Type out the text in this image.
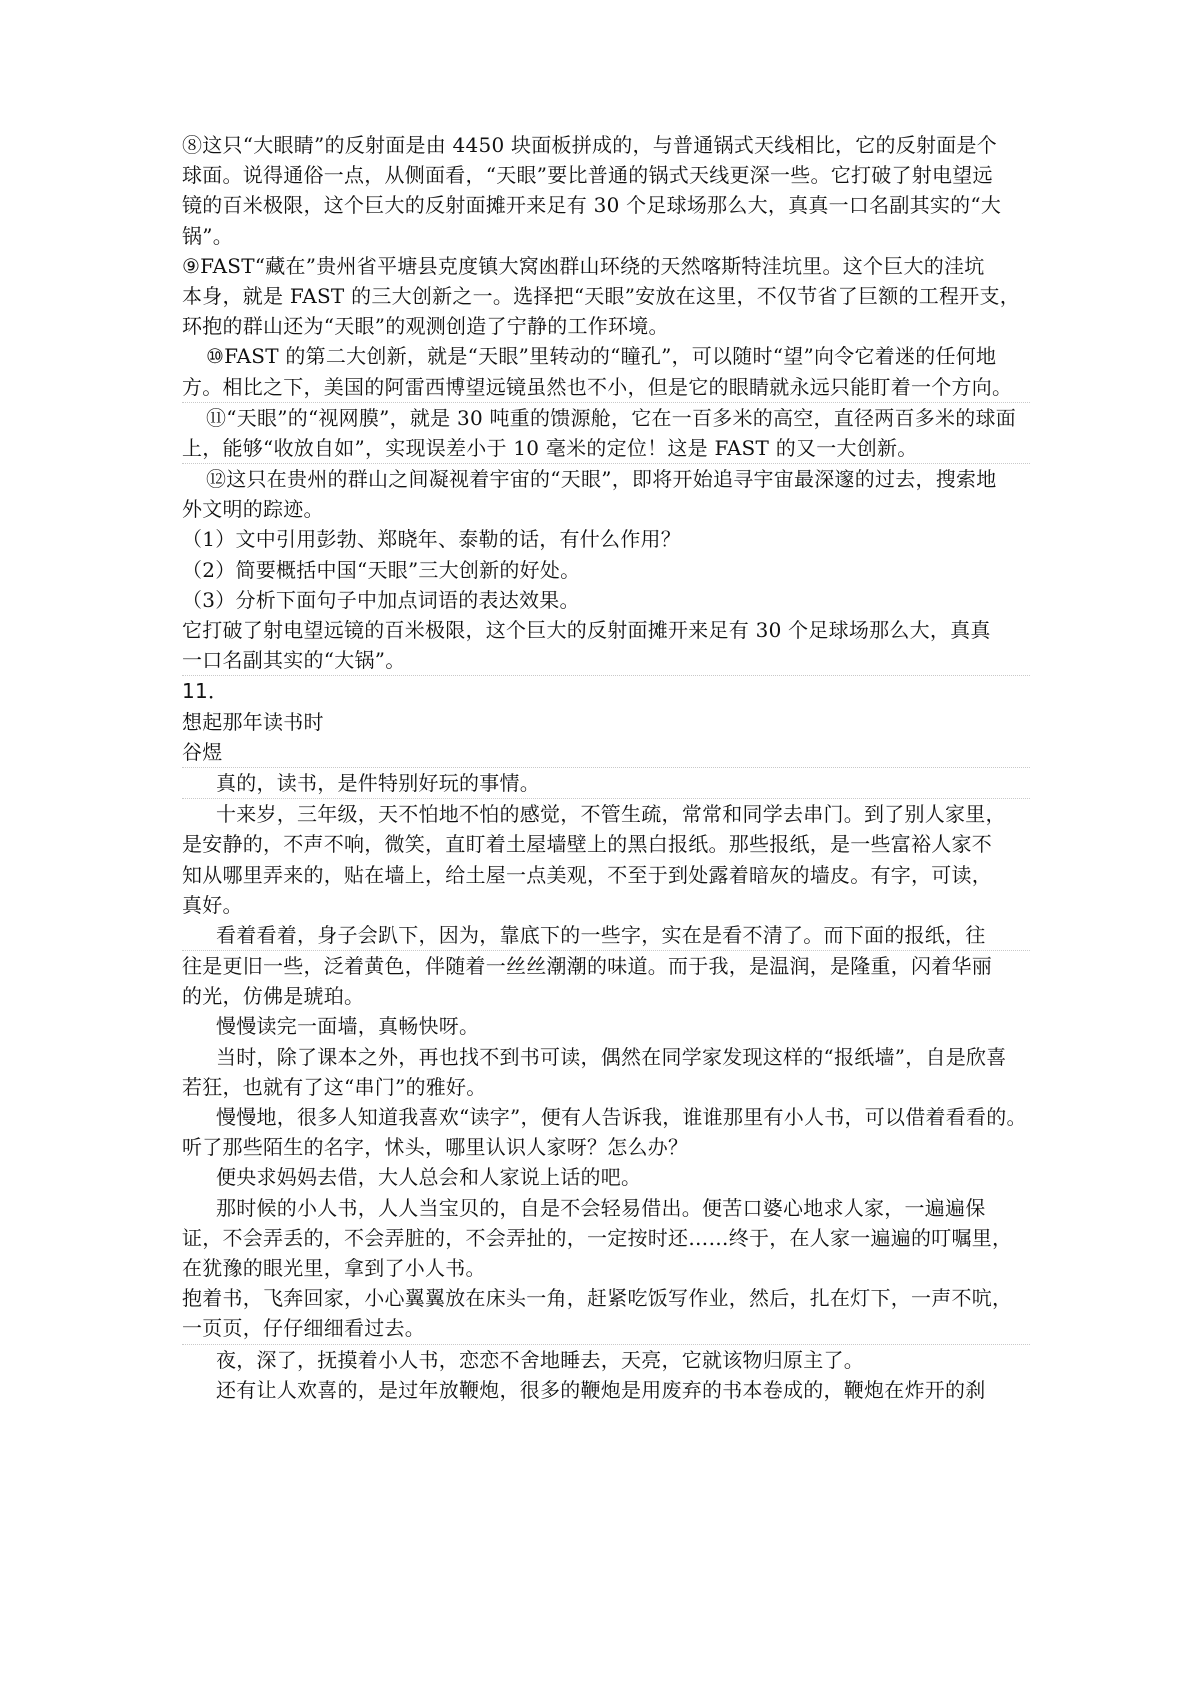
⑧这只“大眼睛”的反射面是由 4450 块面板拼成的，与普通锅式天线相比，它的反射面是个
球面。说得通俗一点，从侧面看，“天眼”要比普通的锅式天线更深一些。它打破了射电望远
镜的百米极限，这个巨大的反射面摊开来足有 30 个足球场那么大，真真一口名副其实的“大
锅”。
⑨FAST“藏在”贵州省平塘县克度镇大窝凼群山环绕的天然喀斯特洼坑里。这个巨大的洼坑
本身，就是 FAST 的三大创新之一。选择把“天眼”安放在这里，不仅节省了巨额的工程开支，
环抱的群山还为“天眼”的观测创造了宁静的工作环境。
⑩FAST 的第二大创新，就是“天眼”里转动的“瞳孔”，可以随时“望”向令它着迷的任何地
方。相比之下，美国的阿雷西博望远镜虽然也不小，但是它的眼睛就永远只能盯着一个方向。
⑪“天眼”的“视网膜”，就是 30 吨重的馈源舱，它在一百多米的高空，直径两百多米的球面
上，能够“收放自如”，实现误差小于 10 毫米的定位！这是 FAST 的又一大创新。
⑫这只在贵州的群山之间凝视着宇宙的“天眼”，即将开始追寻宇宙最深邃的过去，搜索地
外文明的踪迹。
（1）文中引用彭勃、郑晓年、泰勒的话，有什么作用？
（2）简要概括中国“天眼”三大创新的好处。
（3）分析下面句子中加点词语的表达效果。
它打破了射电望远镜的百米极限，这个巨大的反射面摊开来足有 30 个足球场那么大，真真
一口名副其实的“大锅”。
11．
想起那年读书时
谷煜
真的，读书，是件特别好玩的事情。
十来岁，三年级，天不怕地不怕的感觉，不管生疏，常常和同学去串门。到了别人家里，
是安静的，不声不响，微笑，直盯着土屋墙壁上的黑白报纸。那些报纸，是一些富裕人家不
知从哪里弄来的，贴在墙上，给土屋一点美观，不至于到处露着暗灰的墙皮。有字，可读，
真好。
看着看着，身子会趴下，因为，靠底下的一些字，实在是看不清了。而下面的报纸，往
往是更旧一些，泛着黄色，伴随着一丝丝潮潮的味道。而于我，是温润，是隆重，闪着华丽
的光，仿佛是琥珀。
慢慢读完一面墙，真畅快呀。
当时，除了课本之外，再也找不到书可读，偶然在同学家发现这样的“报纸墙”，自是欣喜
若狂，也就有了这“串门”的雅好。
慢慢地，很多人知道我喜欢“读字”，便有人告诉我，谁谁那里有小人书，可以借着看看的。
听了那些陌生的名字，怵头，哪里认识人家呀？怎么办？
便央求妈妈去借，大人总会和人家说上话的吧。
那时候的小人书，人人当宝贝的，自是不会轻易借出。便苦口婆心地求人家，一遍遍保
证，不会弄丢的，不会弄脏的，不会弄扯的，一定按时还……终于，在人家一遍遍的叮嘱里，
在犹豫的眼光里，拿到了小人书。
抱着书，飞奔回家，小心翼翼放在床头一角，赶紧吃饭写作业，然后，扎在灯下，一声不吭，
一页页，仔仔细细看过去。
夜，深了，抚摸着小人书，恋恋不舍地睡去，天亮，它就该物归原主了。
还有让人欢喜的，是过年放鞭炮，很多的鞭炮是用废弃的书本卷成的，鞭炮在炸开的刹
